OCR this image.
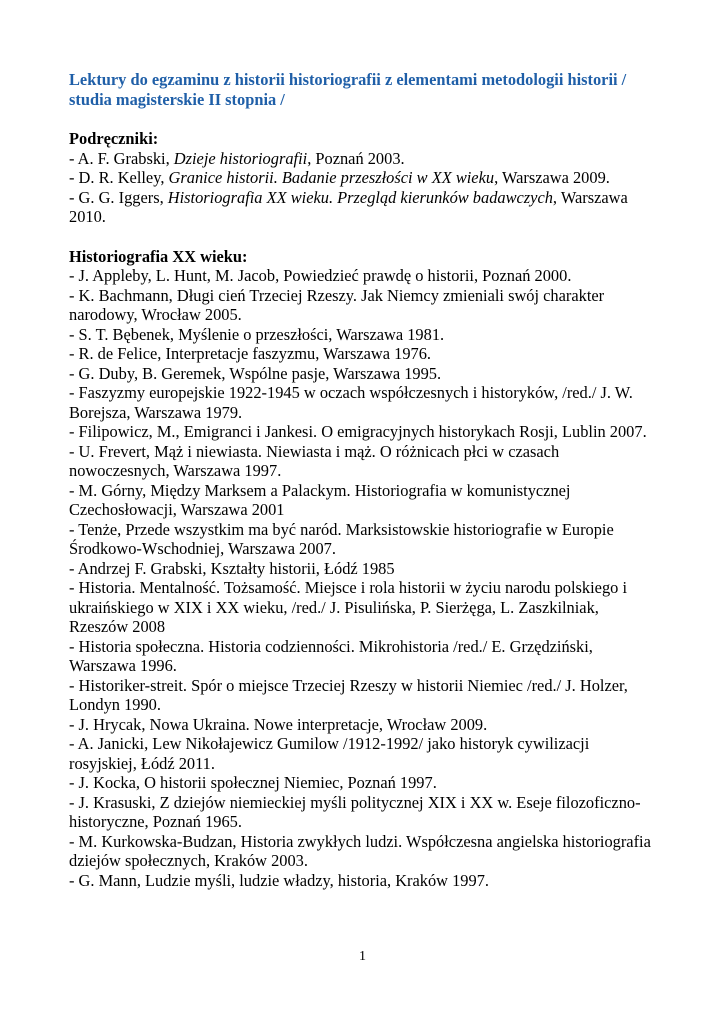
Lektury do egzaminu z historii historiografii z elementami metodologii historii / studia magisterskie II stopnia /
Podręczniki:
- A. F. Grabski, Dzieje historiografii, Poznań 2003.
- D. R. Kelley, Granice historii. Badanie przeszłości w XX wieku, Warszawa 2009.
- G. G. Iggers, Historiografia XX wieku. Przegląd kierunków badawczych, Warszawa 2010.
Historiografia XX wieku:
- J. Appleby, L. Hunt, M. Jacob, Powiedzieć prawdę o historii, Poznań 2000.
- K. Bachmann, Długi cień Trzeciej Rzeszy. Jak Niemcy zmieniali swój charakter narodowy, Wrocław 2005.
- S. T. Bębenek, Myślenie o przeszłości, Warszawa 1981.
- R. de Felice, Interpretacje faszyzmu, Warszawa 1976.
- G. Duby, B. Geremek, Wspólne pasje, Warszawa 1995.
- Faszyzmy europejskie 1922-1945 w oczach współczesnych i historyków, /red./ J. W. Borejsza, Warszawa 1979.
- Filipowicz, M., Emigranci i Jankesi. O emigracyjnych historykach Rosji, Lublin 2007.
- U. Frevert, Mąż i niewiasta. Niewiasta i mąż. O różnicach płci w czasach nowoczesnych, Warszawa 1997.
- M. Górny, Między Marksem a Palackym. Historiografia w komunistycznej Czechosłowacji, Warszawa 2001
- Tenże, Przede wszystkim ma być naród. Marksistowskie historiografie w Europie Środkowo-Wschodniej, Warszawa 2007.
- Andrzej F. Grabski, Kształty historii, Łódź 1985
- Historia. Mentalność. Tożsamość. Miejsce i rola historii w życiu narodu polskiego i ukraińskiego w XIX i XX wieku, /red./ J. Pisulińska, P. Sierżęga, L. Zaszkilniak, Rzeszów 2008
- Historia społeczna. Historia codzienności. Mikrohistoria /red./ E. Grzędziński, Warszawa 1996.
- Historiker-streit. Spór o miejsce Trzeciej Rzeszy w historii Niemiec /red./ J. Holzer, Londyn 1990.
- J. Hrycak, Nowa Ukraina. Nowe interpretacje, Wrocław 2009.
- A. Janicki, Lew Nikołajewicz Gumilow /1912-1992/ jako historyk cywilizacji rosyjskiej, Łódź 2011.
- J. Kocka, O historii społecznej Niemiec, Poznań 1997.
- J. Krasuski, Z dziejów niemieckiej myśli politycznej XIX i XX w. Eseje filozoficzno-historyczne, Poznań 1965.
- M. Kurkowska-Budzan, Historia zwykłych ludzi. Współczesna angielska historiografia dziejów społecznych, Kraków 2003.
- G. Mann, Ludzie myśli, ludzie władzy, historia, Kraków 1997.
1
